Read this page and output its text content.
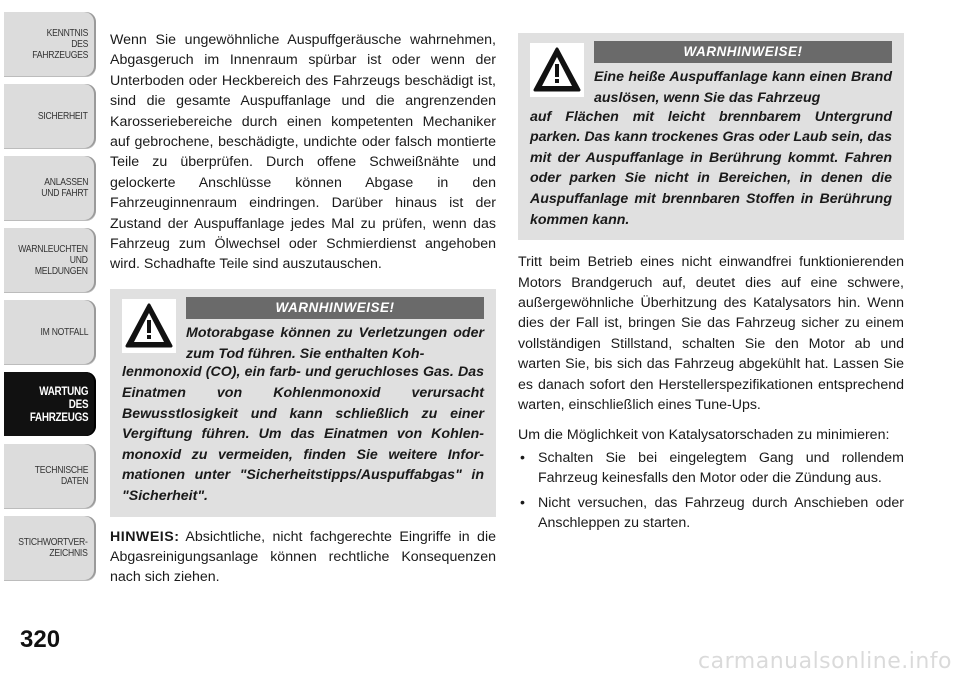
KENNTNIS
DES
FAHRZEUGES
SICHERHEIT
ANLASSEN
UND FAHRT
WARNLEUCHTEN
UND
MELDUNGEN
IM NOTFALL
WARTUNG
DES
FAHRZEUGS
TECHNISCHE
DATEN
STICHWORTVER-
ZEICHNIS
320

Wenn Sie ungewöhnliche Auspuffgeräusche wahrnehmen, Abgasgeruch im Innenraum spürbar ist oder wenn der Unterboden oder Heckbereich des Fahrzeugs beschädigt ist, sind die gesamte Auspuffanlage und die angrenzenden Karosseriebereiche durch einen kompetenten Mechaniker auf gebrochene, beschädigte, undichte oder falsch montierte Teile zu überprüfen. Durch offene Schweißnähte und gelockerte Anschlüsse können Abgase in den Fahrzeuginnenraum eindringen. Darüber hinaus ist der Zustand der Auspuffanlage jedes Mal zu prüfen, wenn das Fahrzeug zum Ölwechsel oder Schmierdienst angehoben wird. Schadhafte Teile sind auszutauschen.

WARNHINWEISE!
Motorabgase können zu Verletzungen oder zum Tod führen. Sie enthalten Koh-
lenmonoxid (CO), ein farb- und geruchloses Gas. Das Einatmen von Kohlenmonoxid verursacht Bewusstlosigkeit und kann schließlich zu einer Vergiftung führen. Um das Einatmen von Kohlenmonoxid zu vermeiden, finden Sie weitere Informationen unter "Sicherheitstipps/Auspuffabgas" in "Sicherheit".

HINWEIS: Absichtliche, nicht fachgerechte Eingriffe in die Abgasreinigungsanlage können rechtliche Konsequenzen nach sich ziehen.

WARNHINWEISE!
Eine heiße Auspuffanlage kann einen Brand auslösen, wenn Sie das Fahrzeug
auf Flächen mit leicht brennbarem Untergrund parken. Das kann trockenes Gras oder Laub sein, das mit der Auspuffanlage in Berührung kommt. Fahren oder parken Sie nicht in Bereichen, in denen die Auspuffanlage mit brennbaren Stoffen in Berührung kommen kann.

Tritt beim Betrieb eines nicht einwandfrei funktionierenden Motors Brandgeruch auf, deutet dies auf eine schwere, außergewöhnliche Überhitzung des Katalysators hin. Wenn dies der Fall ist, bringen Sie das Fahrzeug sicher zu einem vollständigen Stillstand, schalten Sie den Motor ab und warten Sie, bis sich das Fahrzeug abgekühlt hat. Lassen Sie es danach sofort den Herstellerspezifikationen entsprechend warten, einschließlich eines Tune-Ups.

Um die Möglichkeit von Katalysatorschaden zu minimieren:

• Schalten Sie bei eingelegtem Gang und rollendem Fahrzeug keinesfalls den Motor oder die Zündung aus.
• Nicht versuchen, das Fahrzeug durch Anschieben oder Anschleppen zu starten.
carmanualsonline.info
